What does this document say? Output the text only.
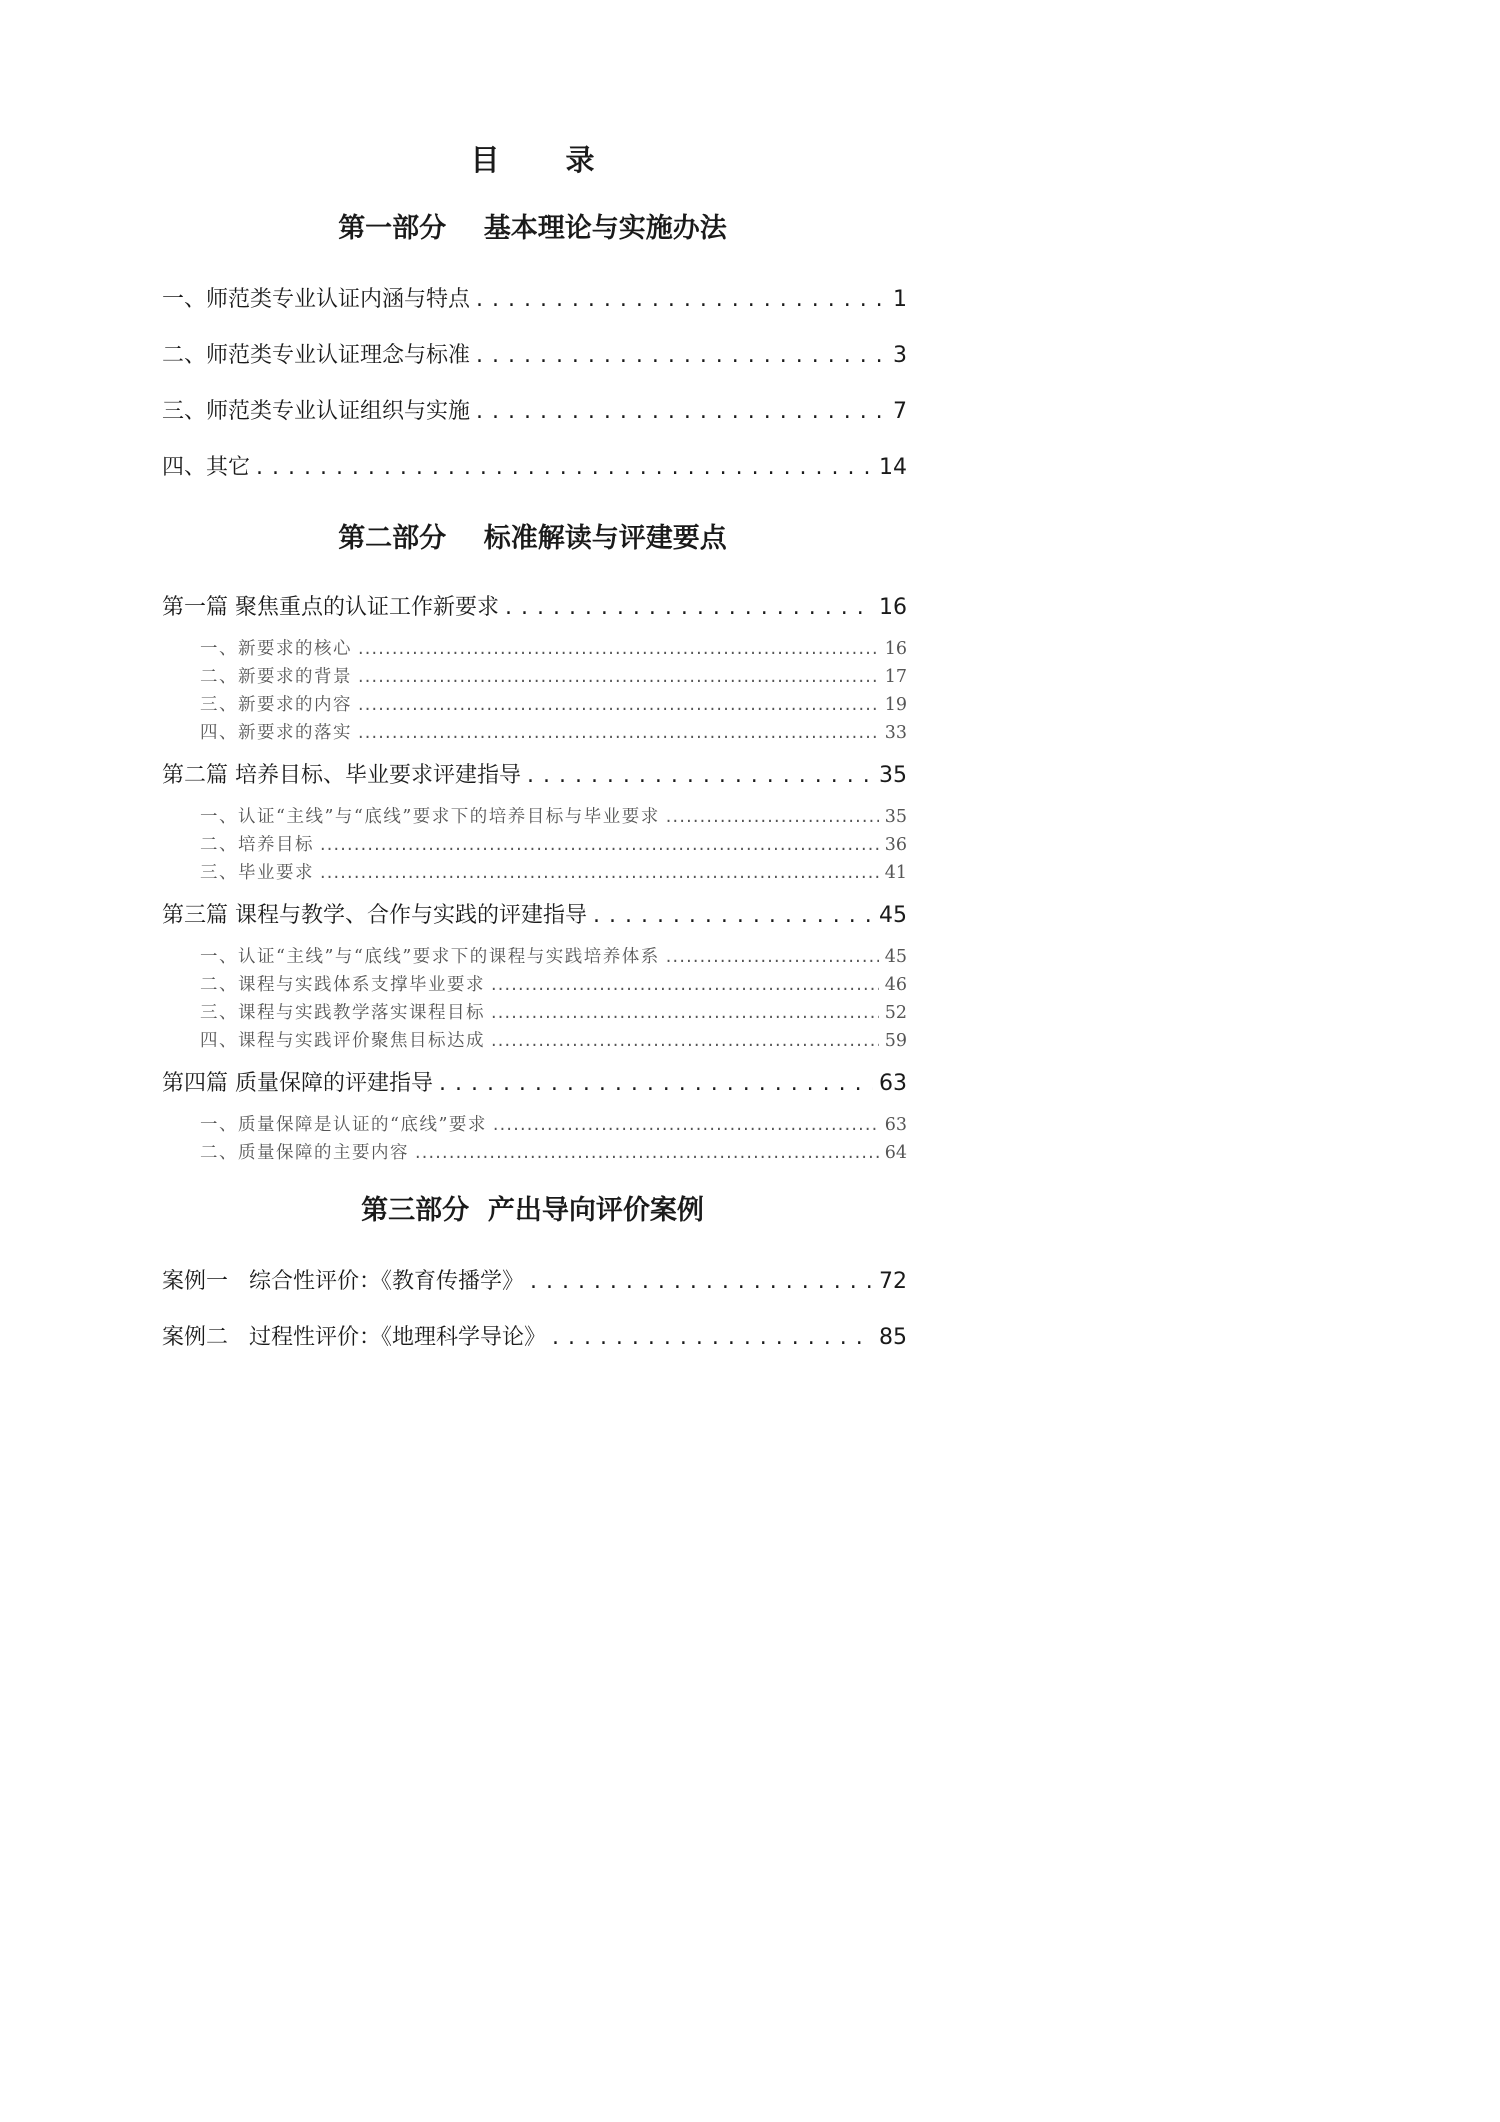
目 录
第一部分    基本理论与实施办法
一、师范类专业认证内涵与特点 . . .	1
二、师范类专业认证理念与标准 . . .	3
三、师范类专业认证组织与实施 . . .	7
四、其它 . . .	14
第二部分    标准解读与评建要点
第一篇 聚焦重点的认证工作新要求 . . .	16
一、新要求的核心 .....	16
二、新要求的背景 .....	17
三、新要求的内容 .....	19
四、新要求的落实 .....	33
第二篇 培养目标、毕业要求评建指导 . . .	35
一、认证“主线”与“底线”要求下的培养目标与毕业要求 .....	35
二、培养目标 .....	36
三、毕业要求 .....	41
第三篇 课程与教学、合作与实践的评建指导 . . .	45
一、认证“主线”与“底线”要求下的课程与实践培养体系 .....	45
二、课程与实践体系支撑毕业要求 .....	46
三、课程与实践教学落实课程目标 .....	52
四、课程与实践评价聚焦目标达成 .....	59
第四篇 质量保障的评建指导 . . .	63
一、质量保障是认证的“底线”要求 .....	63
二、质量保障的主要内容 .....	64
第三部分  产出导向评价案例
案例一   综合性评价：《教育传播学》 . . .	72
案例二   过程性评价：《地理科学导论》 . . .	85
